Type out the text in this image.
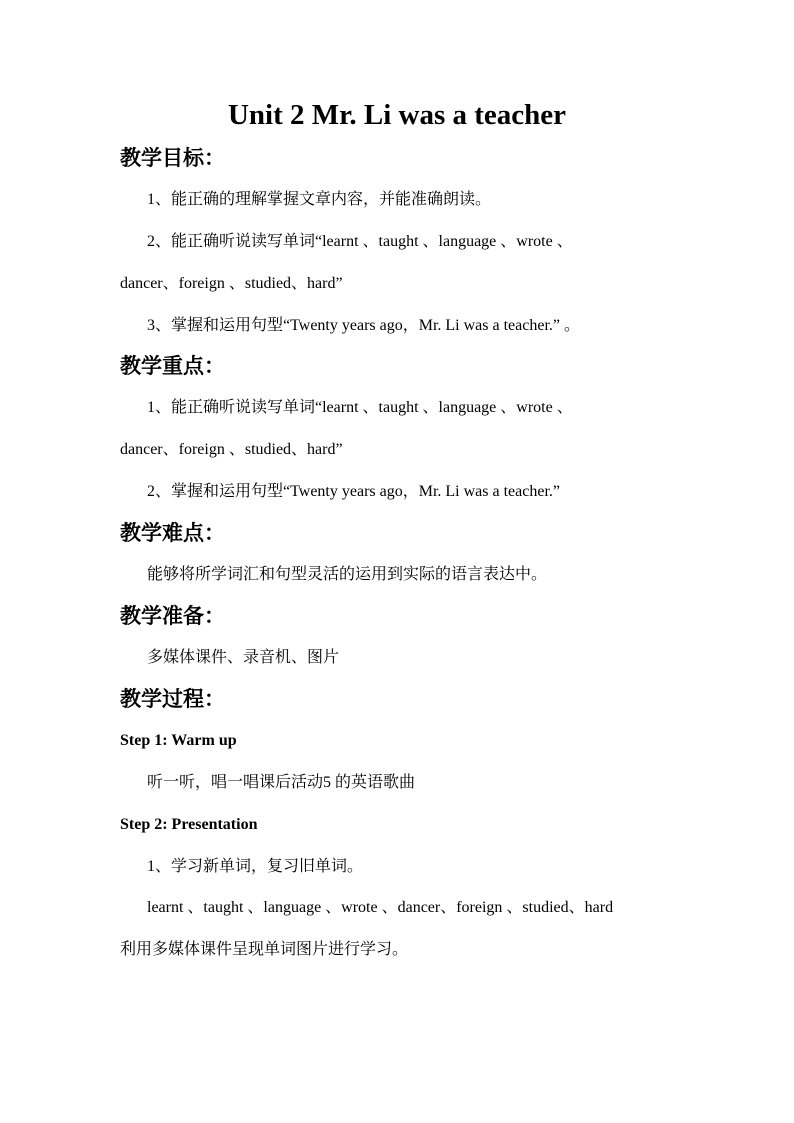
Unit 2 Mr. Li was a teacher
教学目标：
1、能正确的理解掌握文章内容，并能准确朗读。
2、能正确听说读写单词“learnt 、taught 、language 、wrote 、
dancer、foreign 、studied、hard”
3、掌握和运用句型“Twenty years ago，Mr. Li was a teacher.” 。
教学重点：
1、能正确听说读写单词“learnt 、taught 、language 、wrote 、
dancer、foreign 、studied、hard”
2、掌握和运用句型“Twenty years ago，Mr. Li was a teacher.”
教学难点：
能够将所学词汇和句型灵活的运用到实际的语言表达中。
教学准备：
多媒体课件、录音机、图片
教学过程：
Step 1: Warm up
听一听，唱一唱课后活动5 的英语歌曲
Step 2: Presentation
1、学习新单词，复习旧单词。
learnt 、taught 、language 、wrote 、dancer、foreign 、studied、hard
利用多媒体课件呈现单词图片进行学习。
